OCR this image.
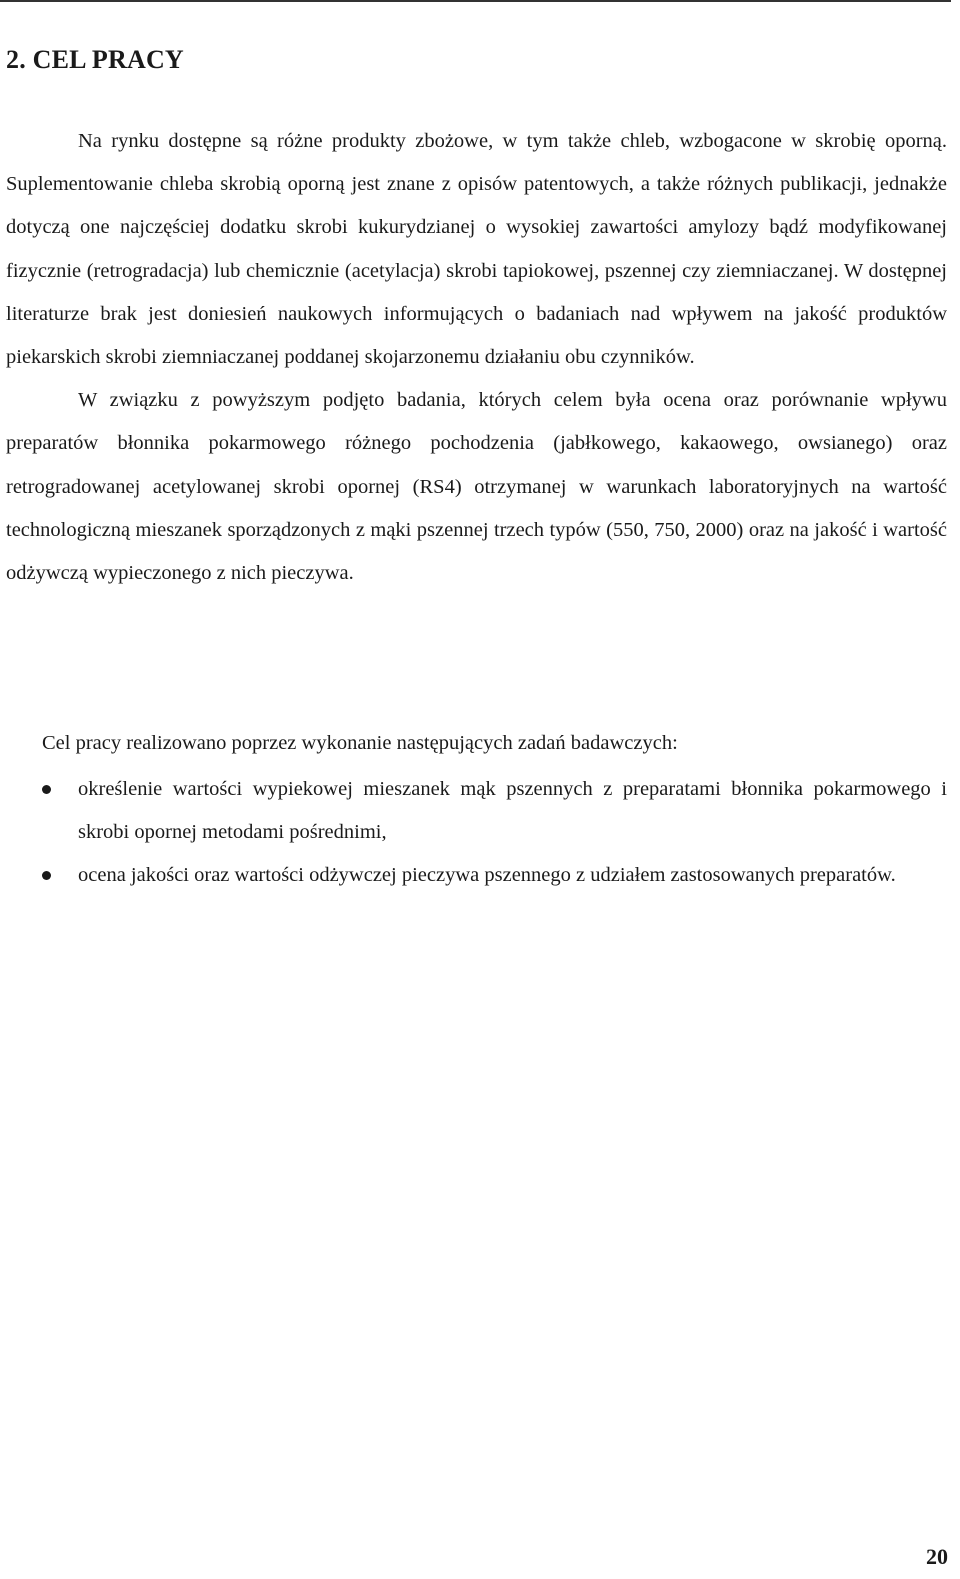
2. CEL PRACY

Na rynku dostępne są różne produkty zbożowe, w tym także chleb, wzbogacone w skrobię oporną. Suplementowanie chleba skrobią oporną jest znane z opisów patentowych, a także różnych publikacji, jednakże dotyczą one najczęściej dodatku skrobi kukurydzianej o wysokiej zawartości amylozy bądź modyfikowanej fizycznie (retrogradacja) lub chemicznie (acetylacja) skrobi tapiokowej, pszennej czy ziemniaczanej. W dostępnej literaturze brak jest doniesień naukowych informujących o badaniach nad wpływem na jakość produktów piekarskich skrobi ziemniaczanej poddanej skojarzonemu działaniu obu czynników.

W związku z powyższym podjęto badania, których celem była ocena oraz porównanie wpływu preparatów błonnika pokarmowego różnego pochodzenia (jabłkowego, kakaowego, owsianego) oraz retrogradowanej acetylowanej skrobi opornej (RS4) otrzymanej w warunkach laboratoryjnych na wartość technologiczną mieszanek sporządzonych z mąki pszennej trzech typów (550, 750, 2000) oraz na jakość i wartość odżywczą wypieczonego z nich pieczywa.

Cel pracy realizowano poprzez wykonanie następujących zadań badawczych:

określenie wartości wypiekowej mieszanek mąk pszennych z preparatami błonnika pokarmowego i skrobi opornej metodami pośrednimi,
ocena jakości oraz wartości odżywczej pieczywa pszennego z udziałem zastosowanych preparatów.
20
